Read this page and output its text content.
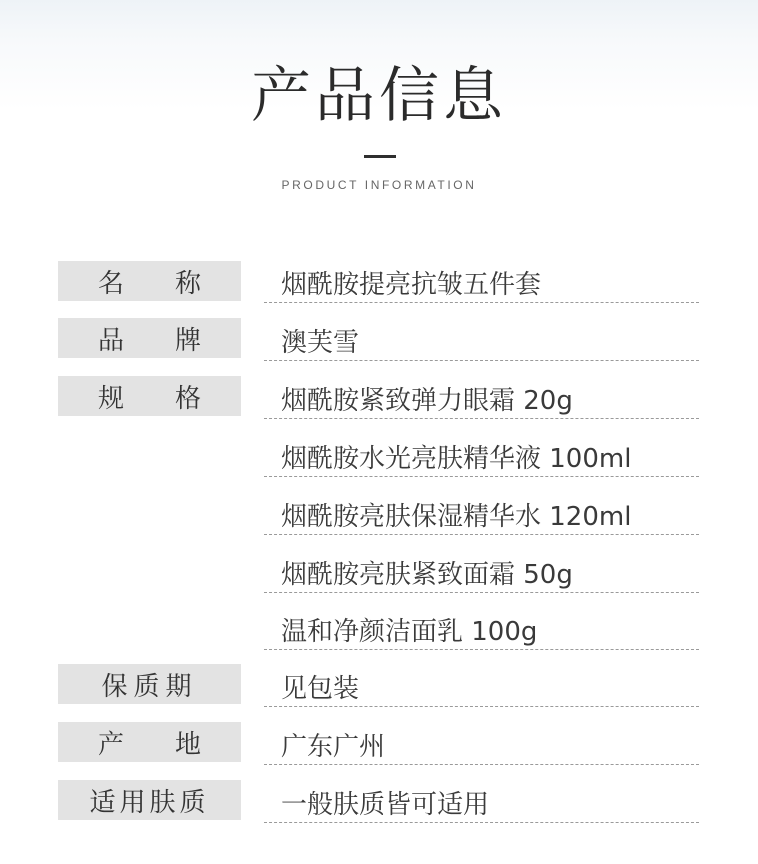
产品信息
PRODUCT INFORMATION
名 称	烟酰胺提亮抗皱五件套
品 牌	澳芙雪
规 格	烟酰胺紧致弹力眼霜 20g
烟酰胺水光亮肤精华液 100ml
烟酰胺亮肤保湿精华水 120ml
烟酰胺亮肤紧致面霜 50g
温和净颜洁面乳 100g
保质期	见包装
产 地	广东广州
适用肤质	一般肤质皆可适用
